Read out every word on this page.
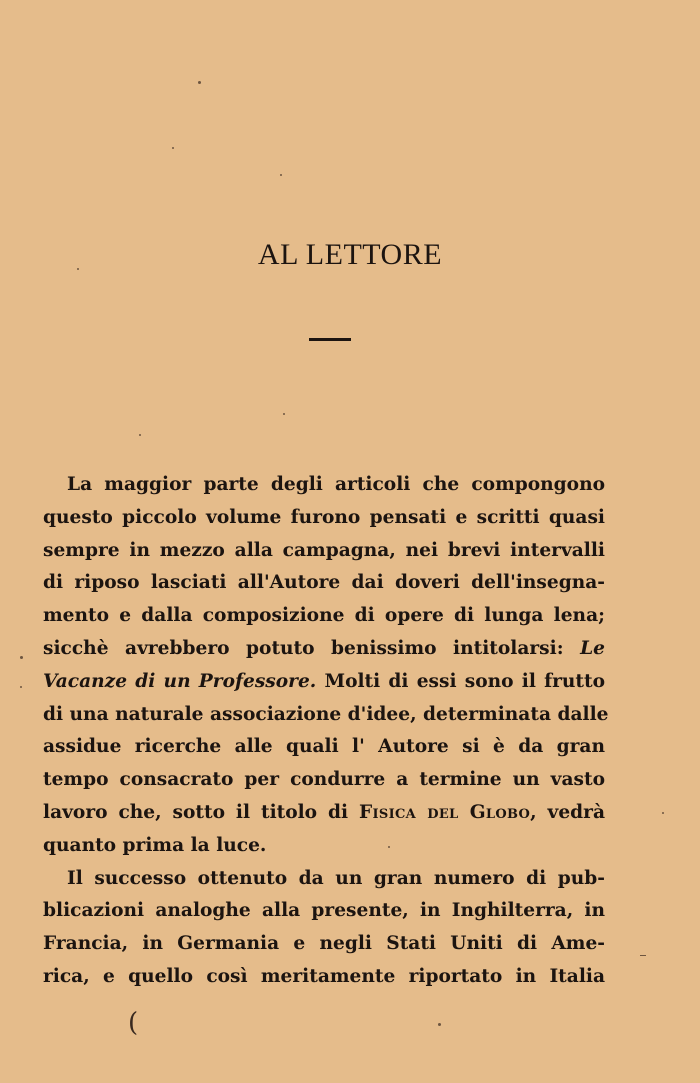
AL LETTORE
La maggior parte degli articoli che compongono
questo piccolo volume furono pensati e scritti quasi
sempre in mezzo alla campagna, nei brevi intervalli
di riposo lasciati all'Autore dai doveri dell'insegna-
mento e dalla composizione di opere di lunga lena;
sicchè avrebbero potuto benissimo intitolarsi: Le
Vacanze di un Professore. Molti di essi sono il frutto
di una naturale associazione d'idee, determinata dalle
assidue ricerche alle quali l' Autore si è da gran
tempo consacrato per condurre a termine un vasto
lavoro che, sotto il titolo di Fisica del Globo, vedrà
quanto prima la luce.
Il successo ottenuto da un gran numero di pub-
blicazioni analoghe alla presente, in Inghilterra, in
Francia, in Germania e negli Stati Uniti di Ame-
rica, e quello così meritamente riportato in Italia
(
